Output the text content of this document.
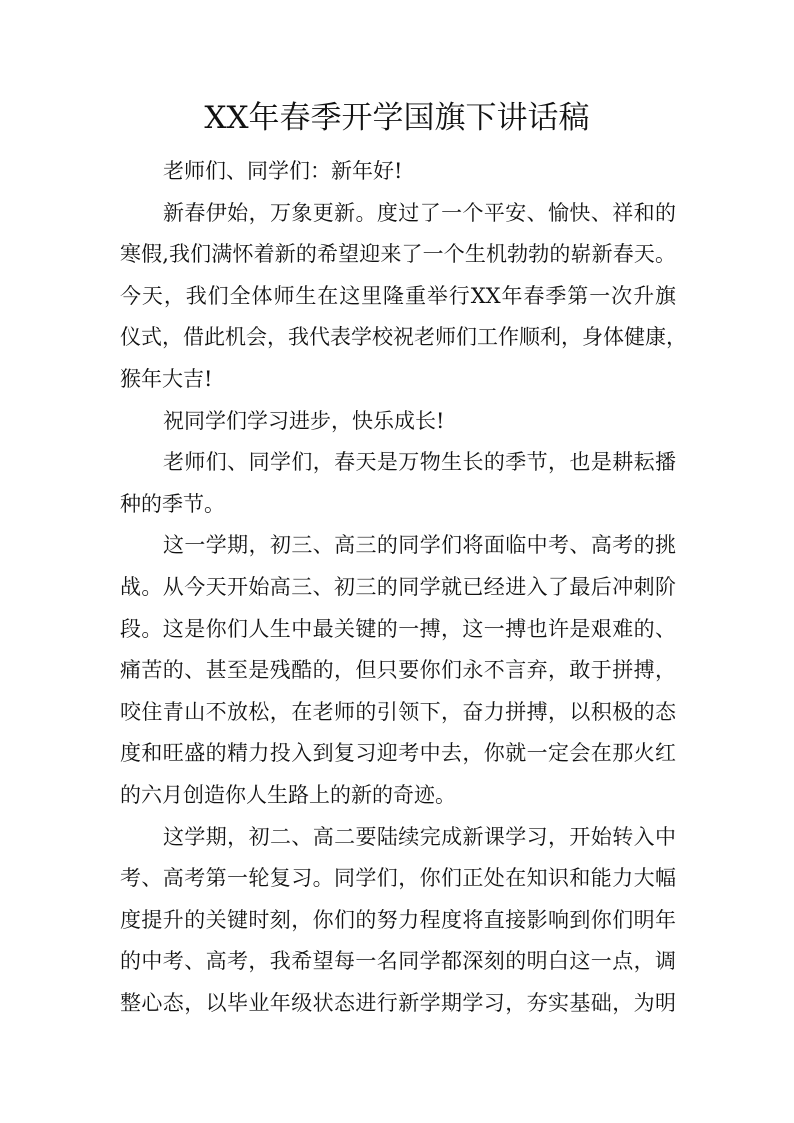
XX年春季开学国旗下讲话稿
老师们、同学们：新年好!
新春伊始，万象更新。度过了一个平安、愉快、祥和的
寒假,我们满怀着新的希望迎来了一个生机勃勃的崭新春天。
今天，我们全体师生在这里隆重举行XX年春季第一次升旗
仪式，借此机会，我代表学校祝老师们工作顺利，身体健康，
猴年大吉!
祝同学们学习进步，快乐成长!
老师们、同学们，春天是万物生长的季节，也是耕耘播
种的季节。
这一学期，初三、高三的同学们将面临中考、高考的挑
战。从今天开始高三、初三的同学就已经进入了最后冲刺阶
段。这是你们人生中最关键的一搏，这一搏也许是艰难的、
痛苦的、甚至是残酷的，但只要你们永不言弃，敢于拼搏，
咬住青山不放松，在老师的引领下，奋力拼搏，以积极的态
度和旺盛的精力投入到复习迎考中去，你就一定会在那火红
的六月创造你人生路上的新的奇迹。
这学期，初二、高二要陆续完成新课学习，开始转入中
考、高考第一轮复习。同学们，你们正处在知识和能力大幅
度提升的关键时刻，你们的努力程度将直接影响到你们明年
的中考、高考，我希望每一名同学都深刻的明白这一点，调
整心态，以毕业年级状态进行新学期学习，夯实基础，为明
